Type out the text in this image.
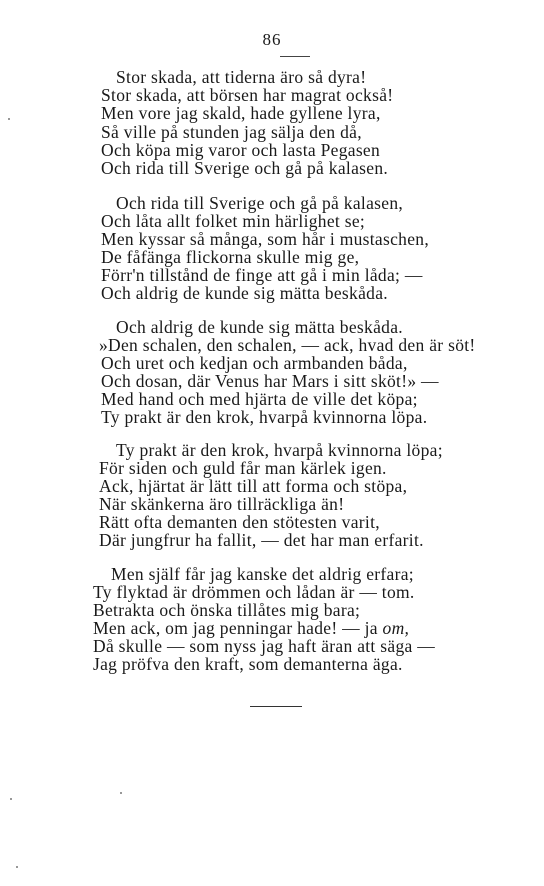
86
Stor skada, att tiderna äro så dyra!
Stor skada, att börsen har magrat också!
Men vore jag skald, hade gyllene lyra,
Så ville på stunden jag sälja den då,
Och köpa mig varor och lasta Pegasen
Och rida till Sverige och gå på kalasen.
Och rida till Sverige och gå på kalasen,
Och låta allt folket min härlighet se;
Men kyssar så många, som hår i mustaschen,
De fåfänga flickorna skulle mig ge,
Förr'n tillstånd de finge att gå i min låda; —
Och aldrig de kunde sig mätta beskåda.
Och aldrig de kunde sig mätta beskåda.
»Den schalen, den schalen, — ack, hvad den är söt!
Och uret och kedjan och armbanden båda,
Och dosan, där Venus har Mars i sitt sköt!» —
Med hand och med hjärta de ville det köpa;
Ty prakt är den krok, hvarpå kvinnorna löpa.
Ty prakt är den krok, hvarpå kvinnorna löpa;
För siden och guld får man kärlek igen.
Ack, hjärtat är lätt till att forma och stöpa,
När skänkerna äro tillräckliga än!
Rätt ofta demanten den stötesten varit,
Där jungfrur ha fallit, — det har man erfarit.
Men själf får jag kanske det aldrig erfara;
Ty flyktad är drömmen och lådan är — tom.
Betrakta och önska tillåtes mig bara;
Men ack, om jag penningar hade! — ja om,
Då skulle — som nyss jag haft äran att säga —
Jag pröfva den kraft, som demanterna äga.
